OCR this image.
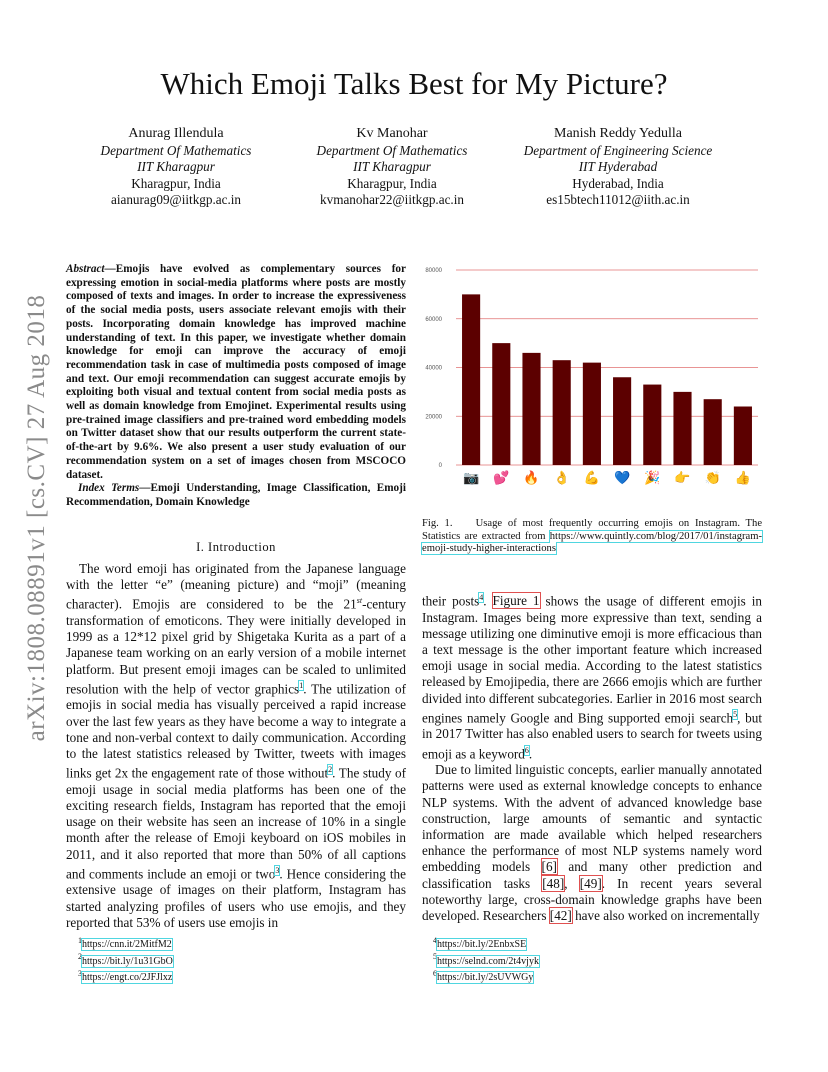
arXiv:1808.08891v1 [cs.CV] 27 Aug 2018
Which Emoji Talks Best for My Picture?
Anurag Illendula
Department Of Mathematics
IIT Kharagpur
Kharagpur, India
aianurag09@iitkgp.ac.in
Kv Manohar
Department Of Mathematics
IIT Kharagpur
Kharagpur, India
kvmanohar22@iitkgp.ac.in
Manish Reddy Yedulla
Department of Engineering Science
IIT Hyderabad
Hyderabad, India
es15btech11012@iith.ac.in
Abstract—Emojis have evolved as complementary sources for expressing emotion in social-media platforms where posts are mostly composed of texts and images. In order to increase the expressiveness of the social media posts, users associate relevant emojis with their posts. Incorporating domain knowledge has improved machine understanding of text. In this paper, we investigate whether domain knowledge for emoji can improve the accuracy of emoji recommendation task in case of multimedia posts composed of image and text. Our emoji recommendation can suggest accurate emojis by exploiting both visual and textual content from social media posts as well as domain knowledge from Emojinet. Experimental results using pre-trained image classifiers and pre-trained word embedding models on Twitter dataset show that our results outperform the current state-of-the-art by 9.6%. We also present a user study evaluation of our recommendation system on a set of images chosen from MSCOCO dataset.
Index Terms—Emoji Understanding, Image Classification, Emoji Recommendation, Domain Knowledge
I. Introduction

The word emoji has originated from the Japanese language with the letter “e” (meaning picture) and “moji” (meaning character). Emojis are considered to be the 21st-century transformation of emoticons. They were initially developed in 1999 as a 12*12 pixel grid by Shigetaka Kurita as a part of a Japanese team working on an early version of a mobile internet platform. But present emoji images can be scaled to unlimited resolution with the help of vector graphics$^1$. The utilization of emojis in social media has visually perceived a rapid increase over the last few years as they have become a way to integrate a tone and non-verbal context to daily communication. According to the latest statistics released by Twitter, tweets with images links get 2x the engagement rate of those without$^2$. The study of emoji usage in social media platforms has been one of the exciting research fields, Instagram has reported that the emoji usage on their website has seen an increase of 10% in a single month after the release of Emoji keyboard on iOS mobiles in 2011, and it also reported that more than 50% of all captions and comments include an emoji or two$^3$. Hence considering the extensive usage of images on their platform, Instagram has started analyzing profiles of users who use emojis, and they reported that 53% of users use emojis in

their posts$^4$. Figure 1 shows the usage of different emojis in Instagram. Images being more expressive than text, sending a message utilizing one diminutive emoji is more efficacious than a text message is the other important feature which increased emoji usage in social media. According to the latest statistics released by Emojipedia, there are 2666 emojis which are further divided into different subcategories. Earlier in 2016 most search engines namely Google and Bing supported emoji search$^5$, but in 2017 Twitter has also enabled users to search for tweets using emoji as a keyword$^6$.

Due to limited linguistic concepts, earlier manually annotated patterns were used as external knowledge concepts to enhance NLP systems. With the advent of advanced knowledge base construction, large amounts of semantic and syntactic information are made available which helped researchers enhance the performance of most NLP systems namely word embedding models [6] and many other prediction and classification tasks [48], [49]. In recent years several noteworthy large, cross-domain knowledge graphs have been developed. Researchers [42] have also worked on incrementally

0
20000
40000
60000
80000
📷 💕 🔥 👌 💪 💙 🎉 👉 👏 👍
Fig. 1. Usage of most frequently occurring emojis on Instagram. The Statistics are extracted from https://www.quintly.com/blog/2017/01/instagram-emoji-study-higher-interactions
$^1$https://cnn.it/2MitfM2
$^2$https://bit.ly/1u31GbO
$^3$https://engt.co/2JFJlxz
$^4$https://bit.ly/2EnbxSE
$^5$https://selnd.com/2t4vjyk
$^6$https://bit.ly/2sUVWGy
